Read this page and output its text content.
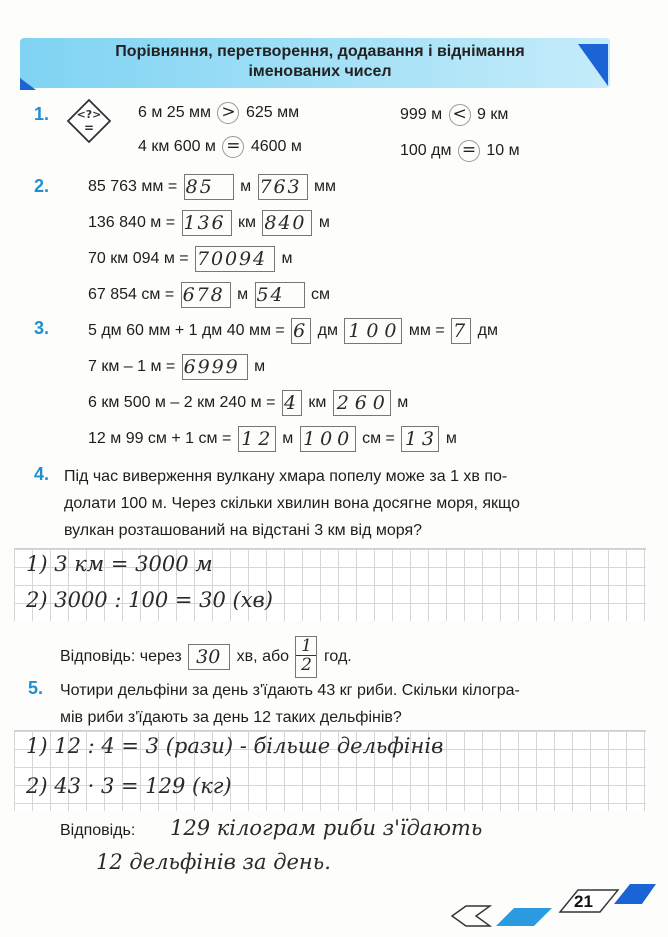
Порівняння, перетворення, додавання і віднімання
іменованих чисел
1.	<?>
=
6 м 25 мм > 625 мм
4 км 600 м = 4600 м
999 м < 9 км
100 дм = 10 м
2. 85 763 мм = 8 5 м 7 6 3 мм
136 840 м = 1 3 6 км 8 4 0 м
70 км 094 м = 7 0 0 9 4 м
67 854 см = 6 7 8 м 5 4 см
3. 5 дм 60 мм + 1 дм 40 мм = 6 дм 1 0 0 мм = 7 дм
7 км – 1 м = 6 9 9 9 м
6 км 500 м – 2 км 240 м = 4 км 2 6 0 м
12 м 99 см + 1 см = 1 2 м 1 0 0 см = 1 3 м
4. Під час виверження вулкану хмара попелу може за 1 хв по-
долати 100 м. Через скільки хвилин вона досягне моря, якщо
вулкан розташований на відстані 3 км від моря?
1) 3 км = 3000 м
2) 3000 : 100 = 30 (хв)
Відповідь: через 30 хв, або $\frac{1}{2}$ год.
5. Чотири дельфіни за день з'їдають 43 кг риби. Скільки кілогра-
мів риби з'їдають за день 12 таких дельфінів?
1) 12 : 4 = 3 (рази) - більше дельфінів
2) 43 · 3 = 129 (кг)
Відповідь: 129 кілограм риби з'їдають
12 дельфінів за день.
21
